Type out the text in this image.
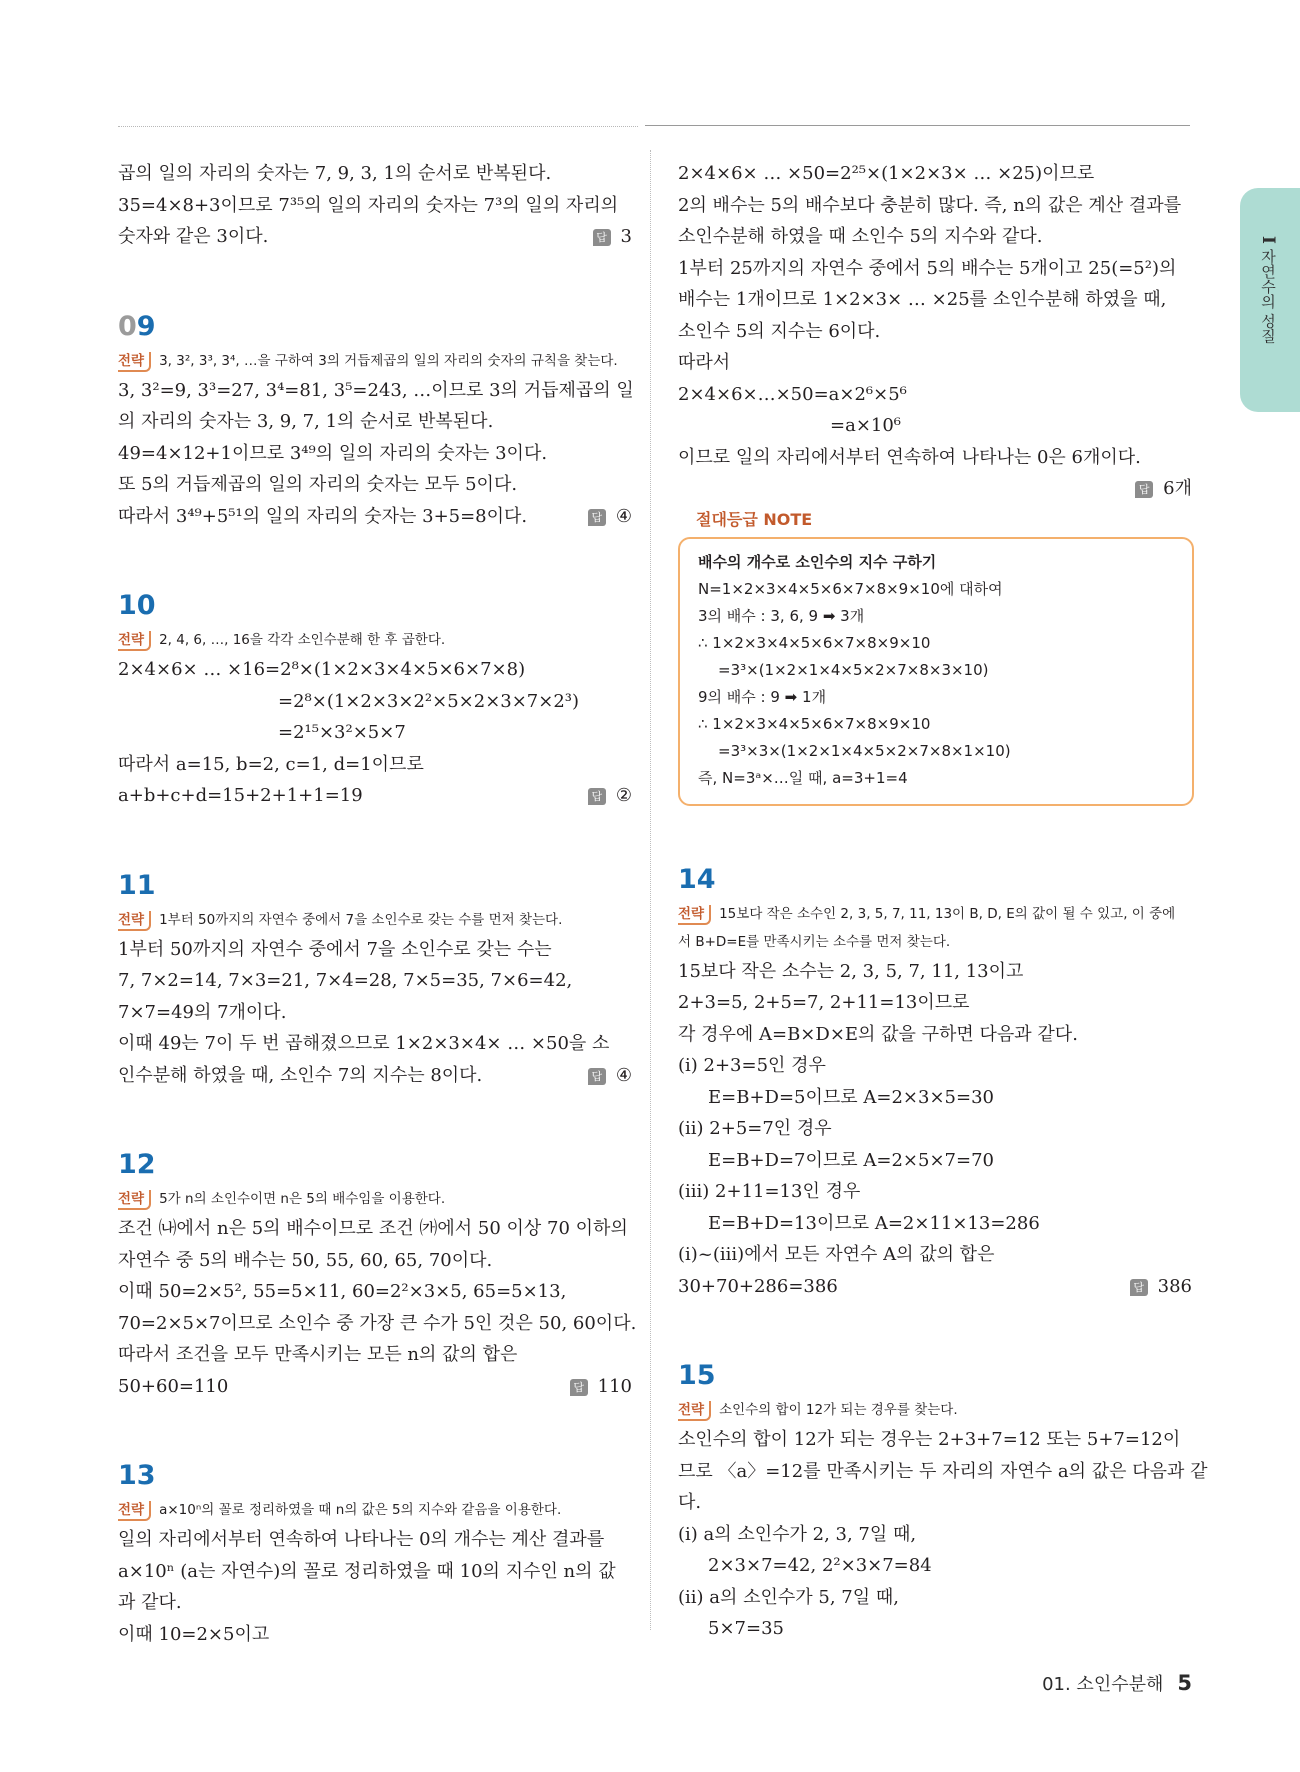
I 자연수의 성질
곱의 일의 자리의 숫자는 7, 9, 3, 1의 순서로 반복된다.
35=4×8+3이므로 7³⁵의 일의 자리의 숫자는 7³의 일의 자리의
숫자와 같은 3이다.	답 3
09
전략 3, 3², 3³, 3⁴, …을 구하여 3의 거듭제곱의 일의 자리의 숫자의 규칙을 찾는다.
3, 3²=9, 3³=27, 3⁴=81, 3⁵=243, …이므로 3의 거듭제곱의 일
의 자리의 숫자는 3, 9, 7, 1의 순서로 반복된다.
49=4×12+1이므로 3⁴⁹의 일의 자리의 숫자는 3이다.
또 5의 거듭제곱의 일의 자리의 숫자는 모두 5이다.
따라서 3⁴⁹+5⁵¹의 일의 자리의 숫자는 3+5=8이다.	답 ④
10
전략 2, 4, 6, …, 16을 각각 소인수분해 한 후 곱한다.
2×4×6× … ×16=2⁸×(1×2×3×4×5×6×7×8)
=2⁸×(1×2×3×2²×5×2×3×7×2³)
=2¹⁵×3²×5×7
따라서 a=15, b=2, c=1, d=1이므로
a+b+c+d=15+2+1+1=19	답 ②
11
전략 1부터 50까지의 자연수 중에서 7을 소인수로 갖는 수를 먼저 찾는다.
1부터 50까지의 자연수 중에서 7을 소인수로 갖는 수는
7, 7×2=14, 7×3=21, 7×4=28, 7×5=35, 7×6=42,
7×7=49의 7개이다.
이때 49는 7이 두 번 곱해졌으므로 1×2×3×4× … ×50을 소
인수분해 하였을 때, 소인수 7의 지수는 8이다.	답 ④
12
전략 5가 n의 소인수이면 n은 5의 배수임을 이용한다.
조건 ㈏에서 n은 5의 배수이므로 조건 ㈎에서 50 이상 70 이하의
자연수 중 5의 배수는 50, 55, 60, 65, 70이다.
이때 50=2×5², 55=5×11, 60=2²×3×5, 65=5×13,
70=2×5×7이므로 소인수 중 가장 큰 수가 5인 것은 50, 60이다.
따라서 조건을 모두 만족시키는 모든 n의 값의 합은
50+60=110	답 110
13
전략 a×10ⁿ의 꼴로 정리하였을 때 n의 값은 5의 지수와 같음을 이용한다.
일의 자리에서부터 연속하여 나타나는 0의 개수는 계산 결과를
a×10ⁿ (a는 자연수)의 꼴로 정리하였을 때 10의 지수인 n의 값
과 같다.
이때 10=2×5이고
2×4×6× … ×50=2²⁵×(1×2×3× … ×25)이므로
2의 배수는 5의 배수보다 충분히 많다. 즉, n의 값은 계산 결과를
소인수분해 하였을 때 소인수 5의 지수와 같다.
1부터 25까지의 자연수 중에서 5의 배수는 5개이고 25(=5²)의
배수는 1개이므로 1×2×3× … ×25를 소인수분해 하였을 때,
소인수 5의 지수는 6이다.
따라서
2×4×6×…×50=a×2⁶×5⁶
=a×10⁶
이므로 일의 자리에서부터 연속하여 나타나는 0은 6개이다.

답 6개
절대등급 NOTE
배수의 개수로 소인수의 지수 구하기
N=1×2×3×4×5×6×7×8×9×10에 대하여
3의 배수 : 3, 6, 9 ➡ 3개
∴ 1×2×3×4×5×6×7×8×9×10
=3³×(1×2×1×4×5×2×7×8×3×10)
9의 배수 : 9 ➡ 1개
∴ 1×2×3×4×5×6×7×8×9×10
=3³×3×(1×2×1×4×5×2×7×8×1×10)
즉, N=3ᵃ×…일 때, a=3+1=4
14
전략 15보다 작은 소수인 2, 3, 5, 7, 11, 13이 B, D, E의 값이 될 수 있고, 이 중에
서 B+D=E를 만족시키는 소수를 먼저 찾는다.
15보다 작은 소수는 2, 3, 5, 7, 11, 13이고
2+3=5, 2+5=7, 2+11=13이므로
각 경우에 A=B×D×E의 값을 구하면 다음과 같다.
(ⅰ) 2+3=5인 경우
E=B+D=5이므로 A=2×3×5=30
(ⅱ) 2+5=7인 경우
E=B+D=7이므로 A=2×5×7=70
(ⅲ) 2+11=13인 경우
E=B+D=13이므로 A=2×11×13=286
(ⅰ)~(ⅲ)에서 모든 자연수 A의 값의 합은
30+70+286=386	답 386
15
전략 소인수의 합이 12가 되는 경우를 찾는다.
소인수의 합이 12가 되는 경우는 2+3+7=12 또는 5+7=12이
므로 〈a〉=12를 만족시키는 두 자리의 자연수 a의 값은 다음과 같
다.
(ⅰ) a의 소인수가 2, 3, 7일 때,
2×3×7=42, 2²×3×7=84
(ⅱ) a의 소인수가 5, 7일 때,
5×7=35
01. 소인수분해 5
